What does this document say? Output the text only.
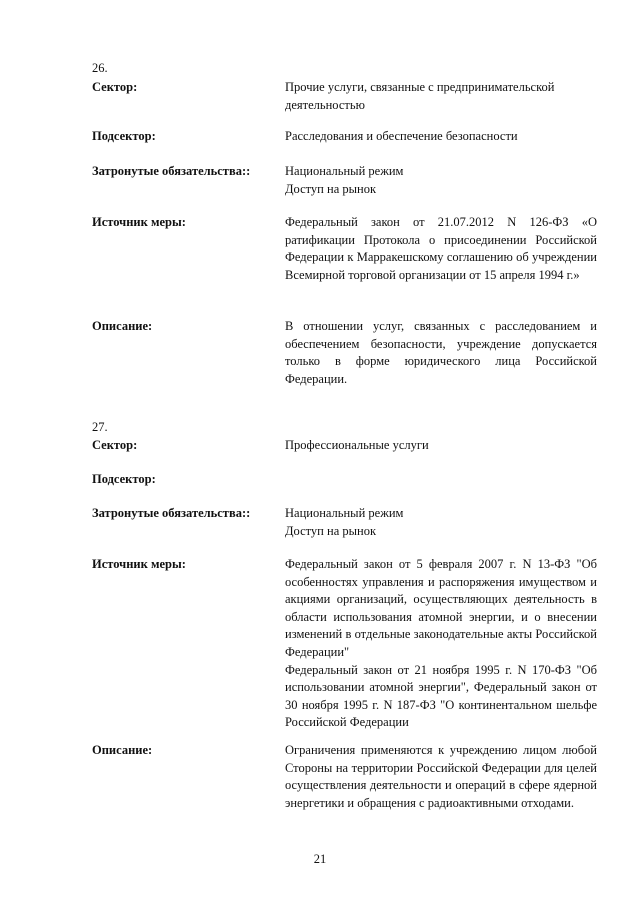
26.
Сектор:	Прочие услуги, связанные с предпринимательской деятельностью
Подсектор:	Расследования и обеспечение безопасности
Затронутые обязательства::	Национальный режим

Доступ на рынок

Источник меры:	Федеральный закон от 21.07.2012 N 126-ФЗ «О ратификации Протокола о присоединении Российской Федерации к Марракешскому соглашению об учреждении Всемирной торговой организации от 15 апреля 1994 г.»
Описание:	В отношении услуг, связанных с расследованием и обеспечением безопасности, учреждение допускается только в форме юридического лица Российской Федерации.
27.
Сектор:	Профессиональные услуги
Подсектор:
Затронутые обязательства::	Национальный режим

Доступ на рынок

Источник меры:	Федеральный закон от 5 февраля 2007 г. N 13-ФЗ "Об особенностях управления и распоряжения имуществом и акциями организаций, осуществляющих деятельность в области использования атомной энергии, и о внесении изменений в отдельные законодательные акты Российской Федерации"

Федеральный закон от 21 ноября 1995 г. N 170-ФЗ "Об использовании атомной энергии", Федеральный закон от 30 ноября 1995 г. N 187-ФЗ "О континентальном шельфе Российской Федерации

Описание:	Ограничения применяются к учреждению лицом любой Стороны на территории Российской Федерации для целей осуществления деятельности и операций в сфере ядерной энергетики и обращения с радиоактивными отходами.
21
